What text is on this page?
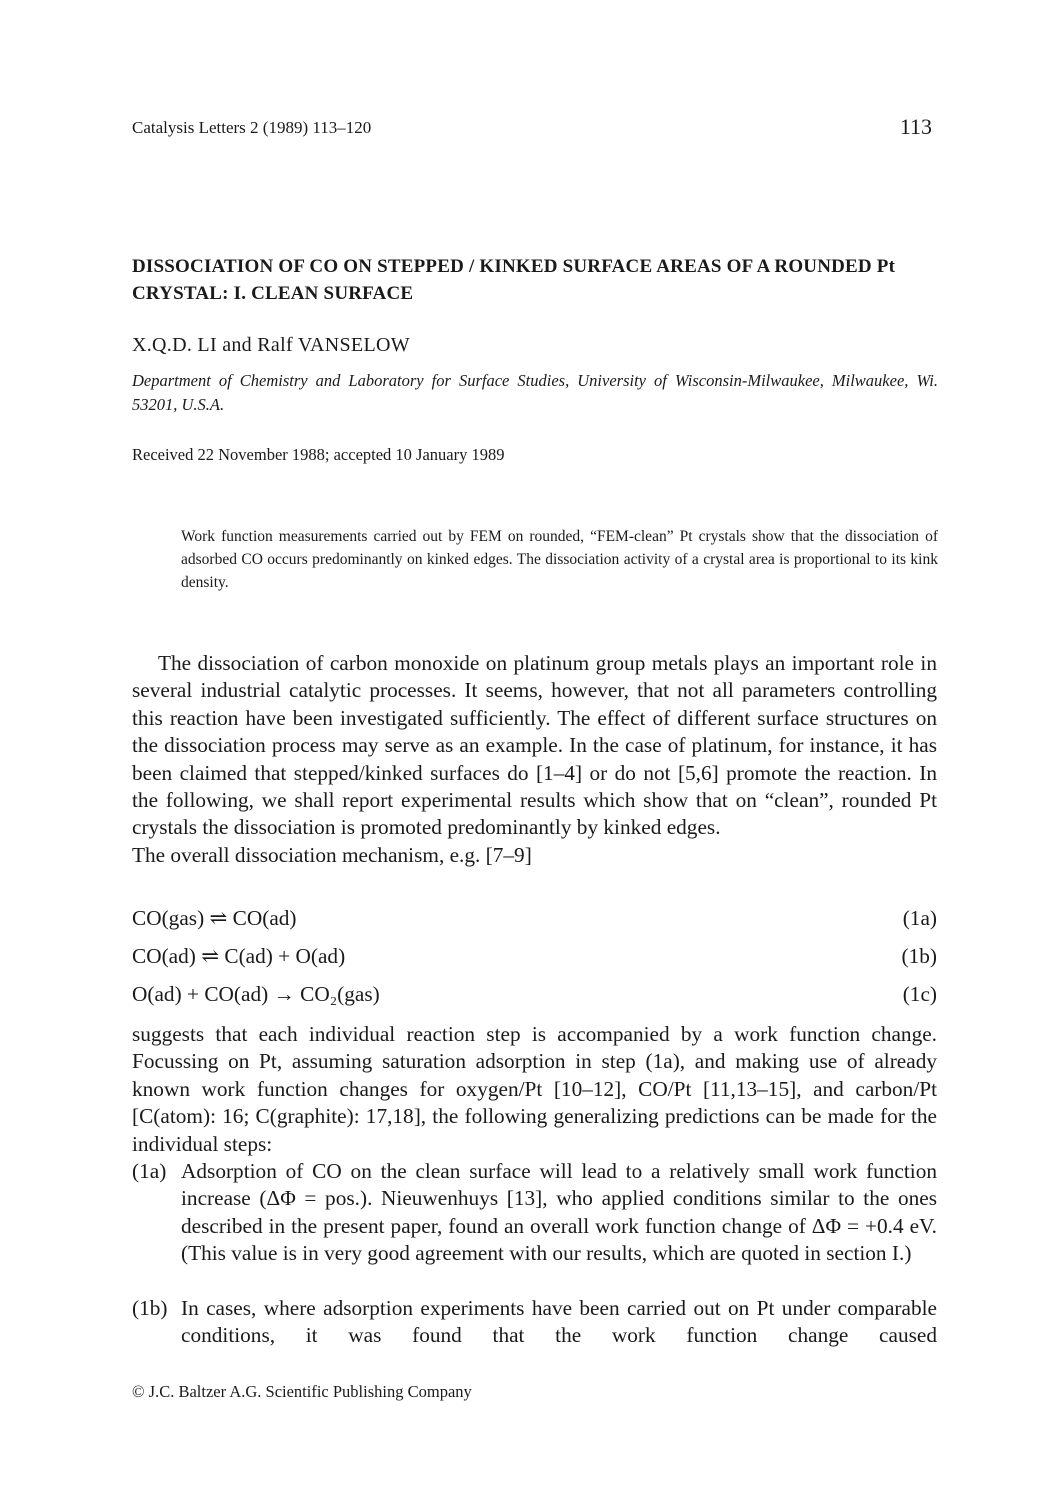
Catalysis Letters 2 (1989) 113–120	113
DISSOCIATION OF CO ON STEPPED / KINKED SURFACE AREAS OF A ROUNDED Pt CRYSTAL: I. CLEAN SURFACE
X.Q.D. LI and Ralf VANSELOW
Department of Chemistry and Laboratory for Surface Studies, University of Wisconsin-Milwaukee, Milwaukee, Wi. 53201, U.S.A.
Received 22 November 1988; accepted 10 January 1989
Work function measurements carried out by FEM on rounded, “FEM-clean” Pt crystals show that the dissociation of adsorbed CO occurs predominantly on kinked edges. The dissociation activity of a crystal area is proportional to its kink density.
The dissociation of carbon monoxide on platinum group metals plays an important role in several industrial catalytic processes. It seems, however, that not all parameters controlling this reaction have been investigated sufficiently. The effect of different surface structures on the dissociation process may serve as an example. In the case of platinum, for instance, it has been claimed that stepped/kinked surfaces do [1–4] or do not [5,6] promote the reaction. In the following, we shall report experimental results which show that on “clean”, rounded Pt crystals the dissociation is promoted predominantly by kinked edges.
The overall dissociation mechanism, e.g. [7–9]
CO(gas) ⇌ CO(ad)	(1a)
CO(ad) ⇌ C(ad) + O(ad)	(1b)
O(ad) + CO(ad) → CO₂(gas)	(1c)
suggests that each individual reaction step is accompanied by a work function change. Focussing on Pt, assuming saturation adsorption in step (1a), and making use of already known work function changes for oxygen/Pt [10–12], CO/Pt [11,13–15], and carbon/Pt [C(atom): 16; C(graphite): 17,18], the following generalizing predictions can be made for the individual steps:
(1a) Adsorption of CO on the clean surface will lead to a relatively small work function increase (ΔΦ = pos.). Nieuwenhuys [13], who applied conditions similar to the ones described in the present paper, found an overall work function change of ΔΦ = +0.4 eV. (This value is in very good agreement with our results, which are quoted in section I.)
(1b) In cases, where adsorption experiments have been carried out on Pt under comparable conditions, it was found that the work function change caused
© J.C. Baltzer A.G. Scientific Publishing Company
